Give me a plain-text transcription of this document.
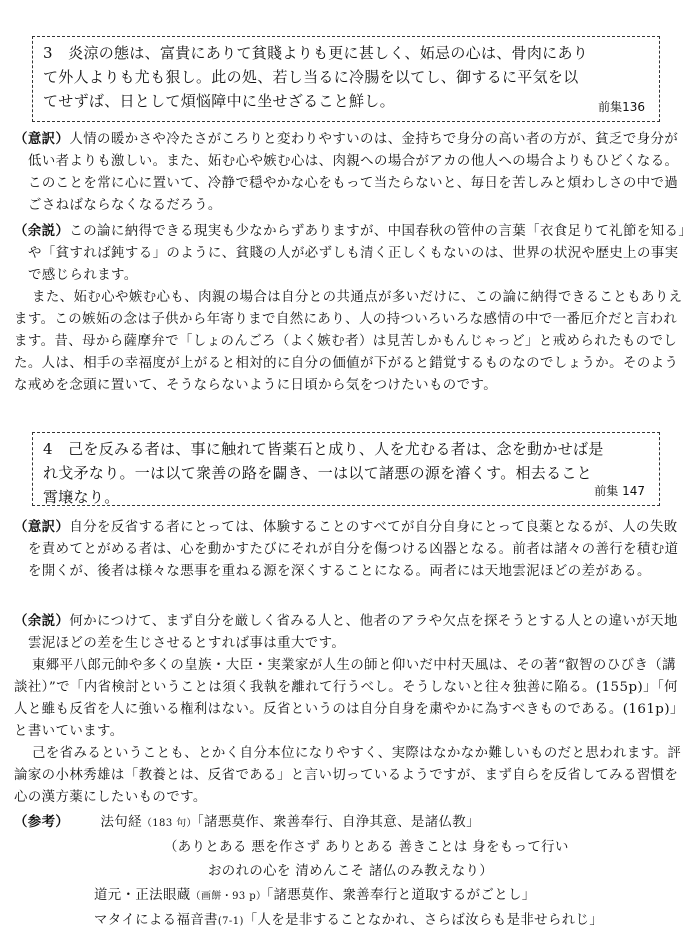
3　炎涼の態は、富貴にありて貧賤よりも更に甚しく、妬忌の心は、骨肉にあり
て外人よりも尤も狠し。此の処、若し当るに冷腸を以てし、御するに平気を以
てせずば、日として煩悩障中に坐せざること鮮し。	前集136

（意訳）人情の暖かさや冷たさがころりと変わりやすいのは、金持ちで身分の高い者の方が、貧乏で身分が低い者よりも激しい。また、妬む心や嫉む心は、肉親への場合がアカの他人への場合よりもひどくなる。このことを常に心に置いて、冷静で穏やかな心をもって当たらないと、毎日を苦しみと煩わしさの中で過ごさねばならなくなるだろう。

（余説）この論に納得できる現実も少なからずありますが、中国春秋の管仲の言葉「衣食足りて礼節を知る」や「貧すれば鈍する」のように、貧賤の人が必ずしも清く正しくもないのは、世界の状況や歴史上の事実で感じられます。

また、妬む心や嫉む心も、肉親の場合は自分との共通点が多いだけに、この論に納得できることもありえます。この嫉妬の念は子供から年寄りまで自然にあり、人の持ついろいろな感情の中で一番厄介だと言われます。昔、母から薩摩弁で「しょのんごろ（よく嫉む者）は見苦しかもんじゃっど」と戒められたものでした。人は、相手の幸福度が上がると相対的に自分の価値が下がると錯覚するものなのでしょうか。そのような戒めを念頭に置いて、そうならないように日頃から気をつけたいものです。

4　己を反みる者は、事に触れて皆薬石と成り、人を尤むる者は、念を動かせば是
れ戈矛なり。一は以て衆善の路を闢き、一は以て諸悪の源を濬くす。相去ること
霄壌なり。	前集 147

（意訳）自分を反省する者にとっては、体験することのすべてが自分自身にとって良薬となるが、人の失敗を責めてとがめる者は、心を動かすたびにそれが自分を傷つける凶器となる。前者は諸々の善行を積む道を開くが、後者は様々な悪事を重ねる源を深くすることになる。両者には天地雲泥ほどの差がある。

（余説）何かにつけて、まず自分を厳しく省みる人と、他者のアラや欠点を探そうとする人との違いが天地雲泥ほどの差を生じさせるとすれば事は重大です。

東郷平八郎元帥や多くの皇族・大臣・実業家が人生の師と仰いだ中村天風は、その著“叡智のひびき（講談社）”で「内省検討ということは須く我執を離れて行うべし。そうしないと往々独善に陥る。(155p)」「何人と雖も反省を人に強いる権利はない。反省というのは自分自身を粛やかに為すべきものである。(161p)」と書いています。

己を省みるということも、とかく自分本位になりやすく、実際はなかなか難しいものだと思われます。評論家の小林秀雄は「教養とは、反省である」と言い切っているようですが、まず自らを反省してみる習慣を心の漢方薬にしたいものです。

（参考） 法句経（183 句）「諸悪莫作、衆善奉行、自浄其意、是諸仏教」
（ありとある 悪を作さず ありとある 善きことは 身をもって行い
おのれの心を 清めんこそ 諸仏のみ教えなり）
道元・正法眼蔵（画餅・93 p）「諸悪莫作、衆善奉行と道取するがごとし」
マタイによる福音書(7-1)「人を是非することなかれ、さらば汝らも是非せられじ」
